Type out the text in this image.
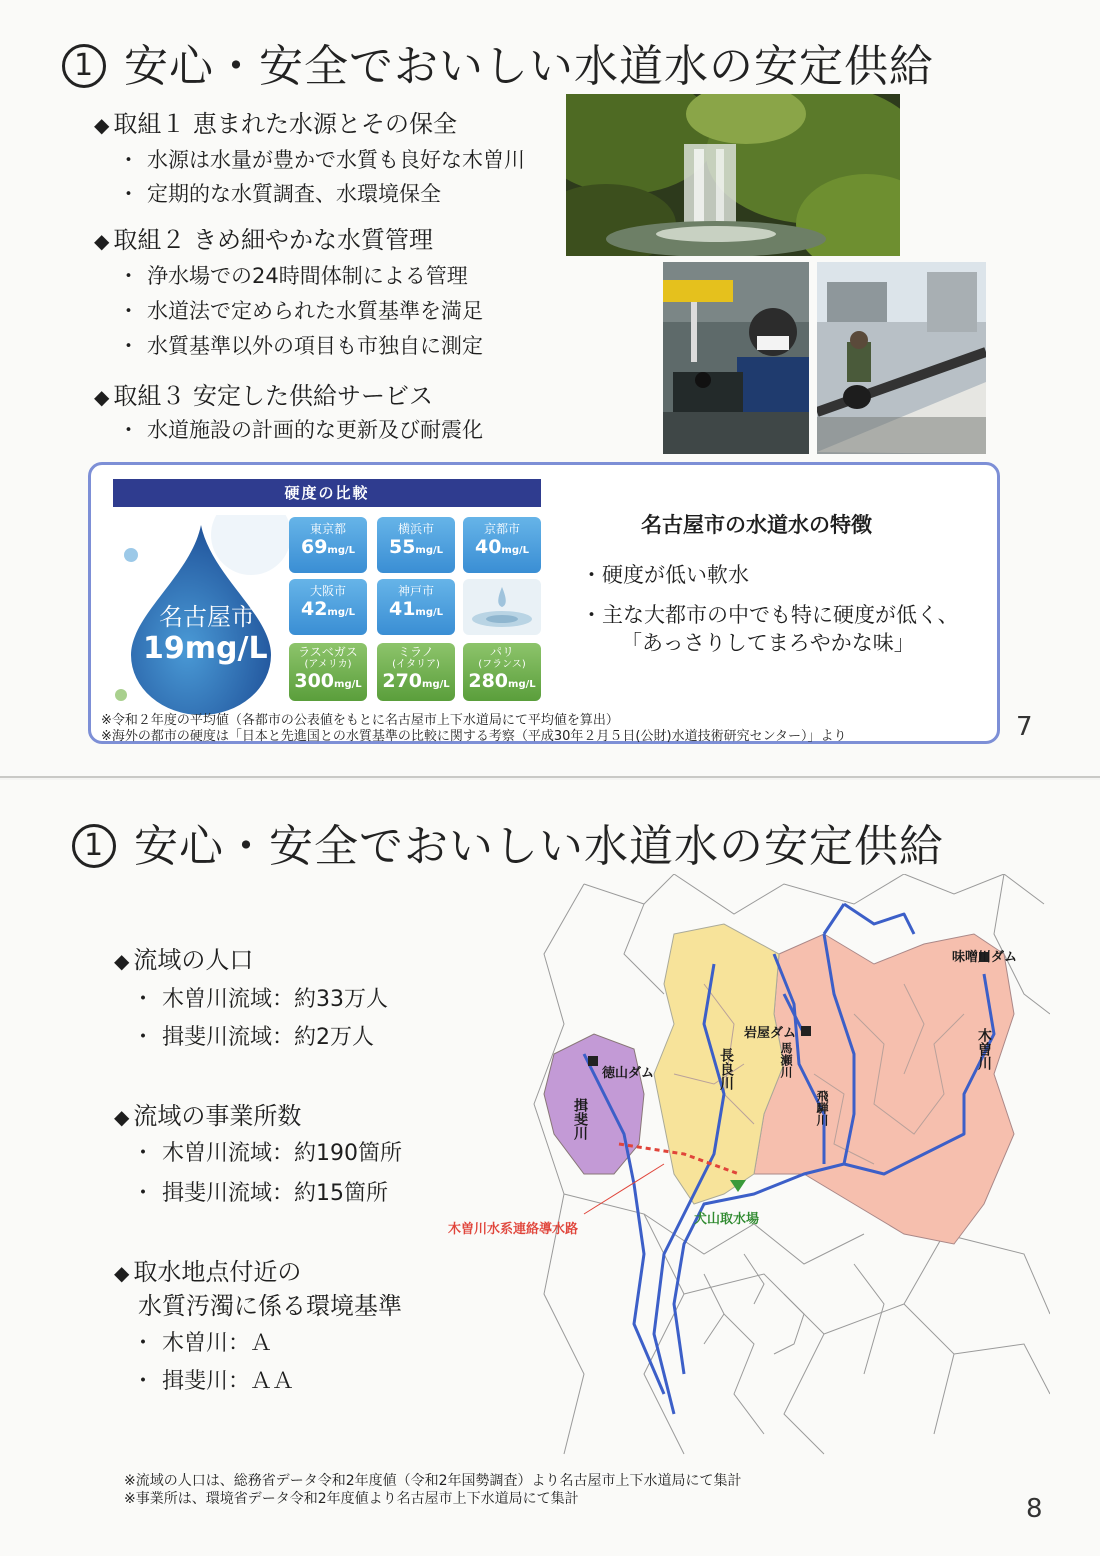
1 安心・安全でおいしい水道水の安定供給
◆ 取組１ 恵まれた水源とその保全
・ 水源は水量が豊かで水質も良好な木曽川
・ 定期的な水質調査、水環境保全
◆ 取組２ きめ細やかな水質管理
・ 浄水場での24時間体制による管理
・ 水道法で定められた水質基準を満足
・ 水質基準以外の項目も市独自に測定
◆ 取組３ 安定した供給サービス
・ 水道施設の計画的な更新及び耐震化
硬度の比較
名古屋市
19mg/L
東京都
69mg/L
横浜市
55mg/L
京都市
40mg/L
大阪市
42mg/L
神戸市
41mg/L
ラスベガス
(アメリカ)
300mg/L
ミラノ
(イタリア)
270mg/L
パリ
(フランス)
280mg/L
名古屋市の水道水の特徴
・硬度が低い軟水
・主な大都市の中でも特に硬度が低く、
「あっさりしてまろやかな味」
※令和２年度の平均値（各都市の公表値をもとに名古屋市上下水道局にて平均値を算出）
※海外の都市の硬度は「日本と先進国との水質基準の比較に関する考察（平成30年２月５日(公財)水道技術研究センター）」より	7
1 安心・安全でおいしい水道水の安定供給
◆ 流域の人口
・ 木曽川流域：約33万人
・ 揖斐川流域：約2万人
◆ 流域の事業所数
・ 木曽川流域：約190箇所
・ 揖斐川流域：約15箇所
◆ 取水地点付近の
水質汚濁に係る環境基準
・ 木曽川：Ａ
・ 揖斐川：ＡＡ
味噌川ダム
岩屋ダム
徳山ダム
木曽川
長良川	馬瀬川
飛騨川
揖斐川
犬山取水場
木曽川水系連絡導水路
※流域の人口は、総務省データ令和2年度値（令和2年国勢調査）より名古屋市上下水道局にて集計
※事業所は、環境省データ令和2年度値より名古屋市上下水道局にて集計	8
